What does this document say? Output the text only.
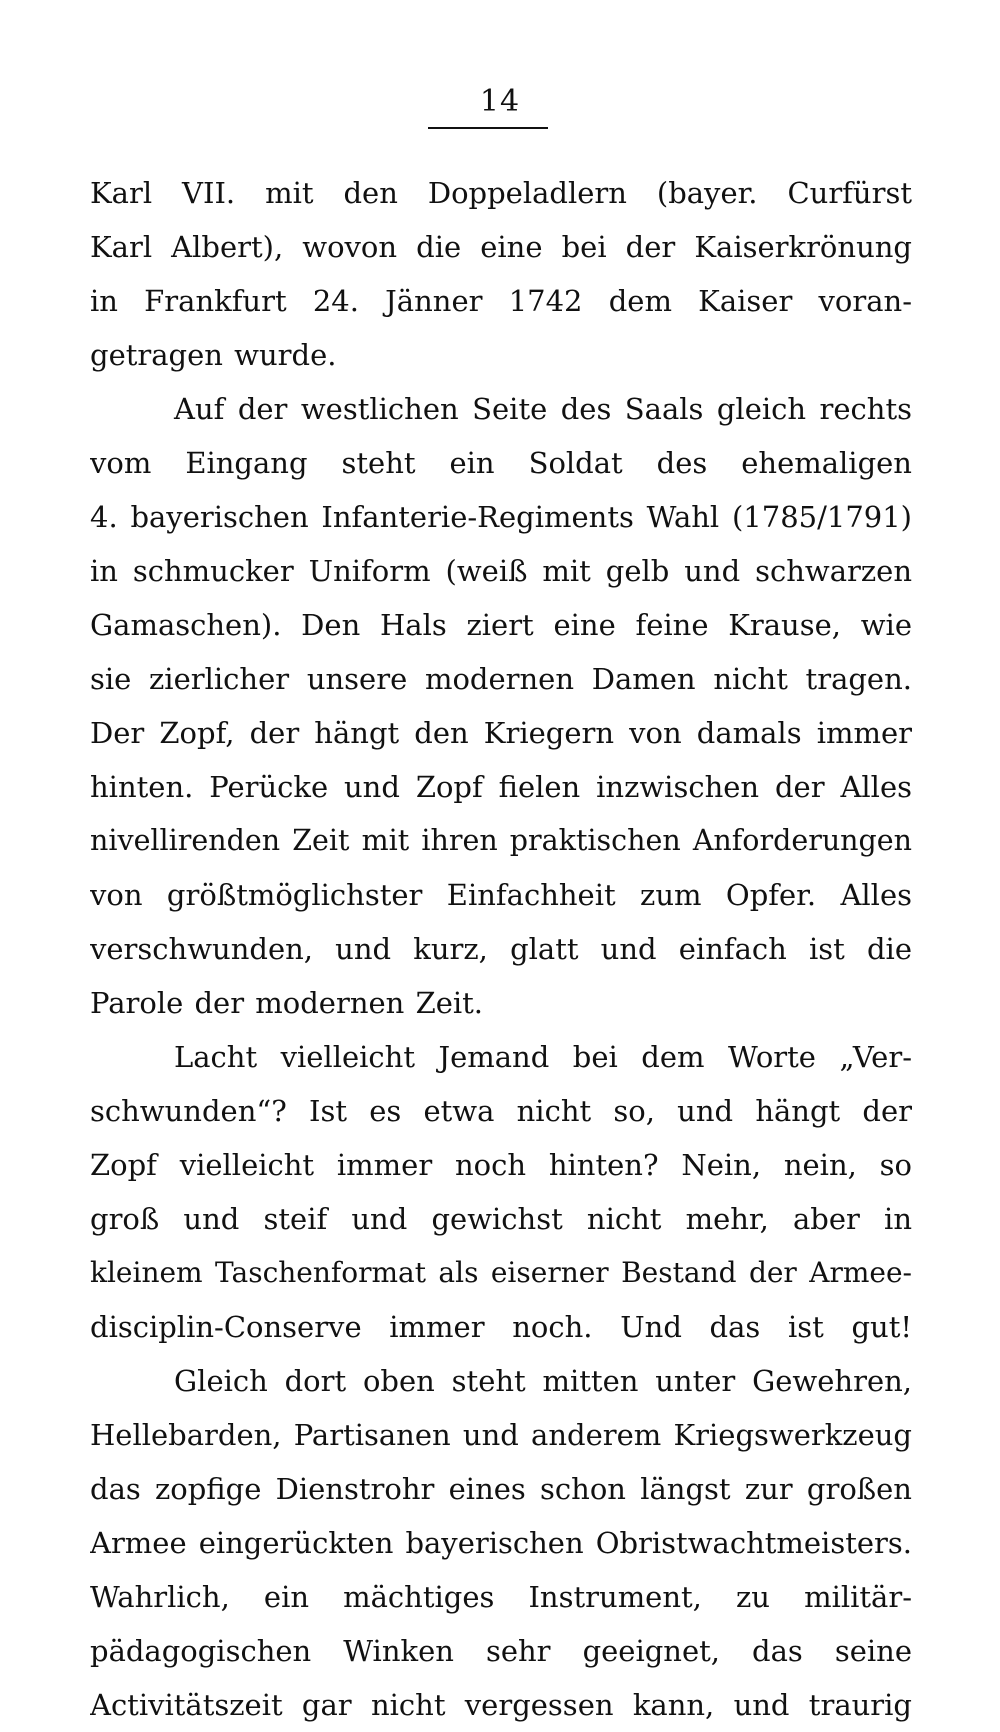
14
Karl VII. mit den Doppeladlern (bayer. Curfürst
Karl Albert), wovon die eine bei der Kaiserkrönung
in Frankfurt 24. Jänner 1742 dem Kaiser voran-
getragen wurde.
Auf der westlichen Seite des Saals gleich rechts
vom Eingang steht ein Soldat des ehemaligen
4. bayerischen Infanterie-Regiments Wahl (1785/1791)
in schmucker Uniform (weiß mit gelb und schwarzen
Gamaschen). Den Hals ziert eine feine Krause, wie
sie zierlicher unsere modernen Damen nicht tragen.
Der Zopf, der hängt den Kriegern von damals immer
hinten. Perücke und Zopf fielen inzwischen der Alles
nivellirenden Zeit mit ihren praktischen Anforderungen
von größtmöglichster Einfachheit zum Opfer. Alles
verschwunden, und kurz, glatt und einfach ist die
Parole der modernen Zeit.
Lacht vielleicht Jemand bei dem Worte „Ver-
schwunden“? Ist es etwa nicht so, und hängt der
Zopf vielleicht immer noch hinten? Nein, nein, so
groß und steif und gewichst nicht mehr, aber in
kleinem Taschenformat als eiserner Bestand der Armee-
disciplin-Conserve immer noch. Und das ist gut!
Gleich dort oben steht mitten unter Gewehren,
Hellebarden, Partisanen und anderem Kriegswerkzeug
das zopfige Dienstrohr eines schon längst zur großen
Armee eingerückten bayerischen Obristwachtmeisters.
Wahrlich, ein mächtiges Instrument, zu militär-
pädagogischen Winken sehr geeignet, das seine
Activitätszeit gar nicht vergessen kann, und traurig
